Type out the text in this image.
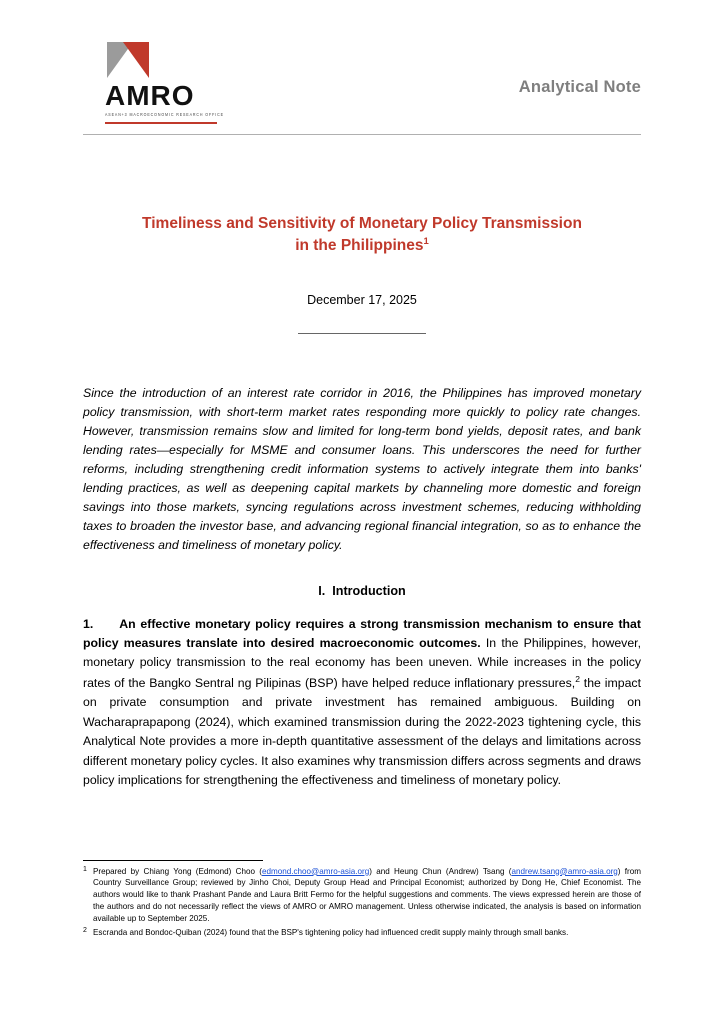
AMRO
ASEAN+3 MACROECONOMIC RESEARCH OFFICE
Analytical Note
Timeliness and Sensitivity of Monetary Policy Transmission
in the Philippines$^1$
December 17, 2025
Since the introduction of an interest rate corridor in 2016, the Philippines has improved monetary policy transmission, with short-term market rates responding more quickly to policy rate changes. However, transmission remains slow and limited for long-term bond yields, deposit rates, and bank lending rates—especially for MSME and consumer loans. This underscores the need for further reforms, including strengthening credit information systems to actively integrate them into banks' lending practices, as well as deepening capital markets by channeling more domestic and foreign savings into those markets, syncing regulations across investment schemes, reducing withholding taxes to broaden the investor base, and advancing regional financial integration, so as to enhance the effectiveness and timeliness of monetary policy.
I. Introduction
1. An effective monetary policy requires a strong transmission mechanism to ensure that policy measures translate into desired macroeconomic outcomes. In the Philippines, however, monetary policy transmission to the real economy has been uneven. While increases in the policy rates of the Bangko Sentral ng Pilipinas (BSP) have helped reduce inflationary pressures,$^2$ the impact on private consumption and private investment has remained ambiguous. Building on Wacharaprapapong (2024), which examined transmission during the 2022-2023 tightening cycle, this Analytical Note provides a more in-depth quantitative assessment of the delays and limitations across different monetary policy cycles. It also examines why transmission differs across segments and draws policy implications for strengthening the effectiveness and timeliness of monetary policy.
1 Prepared by Chiang Yong (Edmond) Choo (edmond.choo@amro-asia.org) and Heung Chun (Andrew) Tsang (andrew.tsang@amro-asia.org) from Country Surveillance Group; reviewed by Jinho Choi, Deputy Group Head and Principal Economist; authorized by Dong He, Chief Economist. The authors would like to thank Prashant Pande and Laura Britt Fermo for the helpful suggestions and comments. The views expressed herein are those of the authors and do not necessarily reflect the views of AMRO or AMRO management. Unless otherwise indicated, the analysis is based on information available up to September 2025.
2 Escranda and Bondoc-Quiban (2024) found that the BSP's tightening policy had influenced credit supply mainly through small banks.
